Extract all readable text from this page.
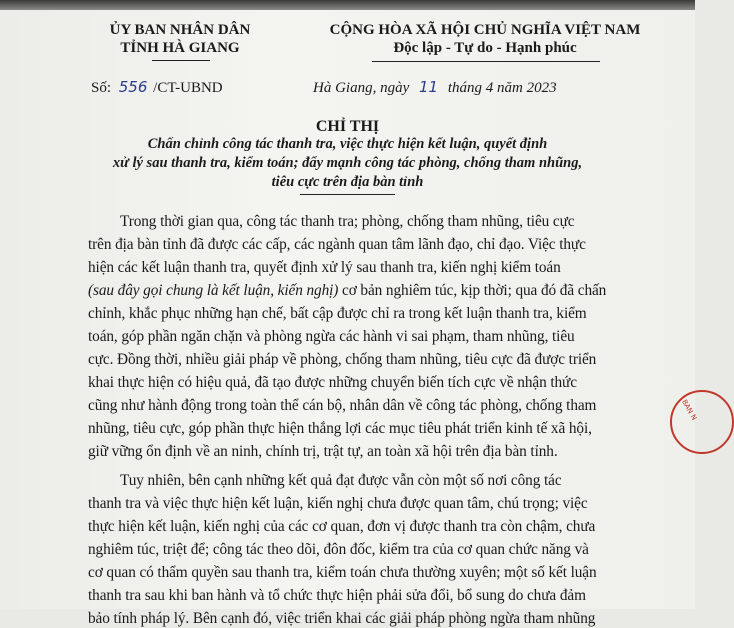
ỦY BAN NHÂN DÂN
TỈNH HÀ GIANG
Số: 556 /CT-UBND
CỘNG HÒA XÃ HỘI CHỦ NGHĨA VIỆT NAM
Độc lập - Tự do - Hạnh phúc
Hà Giang, ngày 11 tháng 4 năm 2023
CHỈ THỊ
Chấn chỉnh công tác thanh tra, việc thực hiện kết luận, quyết định
xử lý sau thanh tra, kiểm toán; đẩy mạnh công tác phòng, chống tham nhũng,
tiêu cực trên địa bàn tỉnh
Trong thời gian qua, công tác thanh tra; phòng, chống tham nhũng, tiêu cực
trên địa bàn tỉnh đã được các cấp, các ngành quan tâm lãnh đạo, chỉ đạo. Việc thực
hiện các kết luận thanh tra, quyết định xử lý sau thanh tra, kiến nghị kiểm toán
(sau đây gọi chung là kết luận, kiến nghị) cơ bản nghiêm túc, kịp thời; qua đó đã chấn
chỉnh, khắc phục những hạn chế, bất cập được chỉ ra trong kết luận thanh tra, kiểm
toán, góp phần ngăn chặn và phòng ngừa các hành vi sai phạm, tham nhũng, tiêu
cực. Đồng thời, nhiều giải pháp về phòng, chống tham nhũng, tiêu cực đã được triển
khai thực hiện có hiệu quả, đã tạo được những chuyển biến tích cực về nhận thức
cũng như hành động trong toàn thể cán bộ, nhân dân về công tác phòng, chống tham
nhũng, tiêu cực, góp phần thực hiện thắng lợi các mục tiêu phát triển kinh tế xã hội,
giữ vững ổn định về an ninh, chính trị, trật tự, an toàn xã hội trên địa bàn tỉnh.
Tuy nhiên, bên cạnh những kết quả đạt được vẫn còn một số nơi công tác
thanh tra và việc thực hiện kết luận, kiến nghị chưa được quan tâm, chú trọng; việc
thực hiện kết luận, kiến nghị của các cơ quan, đơn vị được thanh tra còn chậm, chưa
nghiêm túc, triệt để; công tác theo dõi, đôn đốc, kiểm tra của cơ quan chức năng và
cơ quan có thẩm quyền sau thanh tra, kiểm toán chưa thường xuyên; một số kết luận
thanh tra sau khi ban hành và tổ chức thực hiện phải sửa đổi, bổ sung do chưa đảm
bảo tính pháp lý. Bên cạnh đó, việc triển khai các giải pháp phòng ngừa tham nhũng
BAN N
